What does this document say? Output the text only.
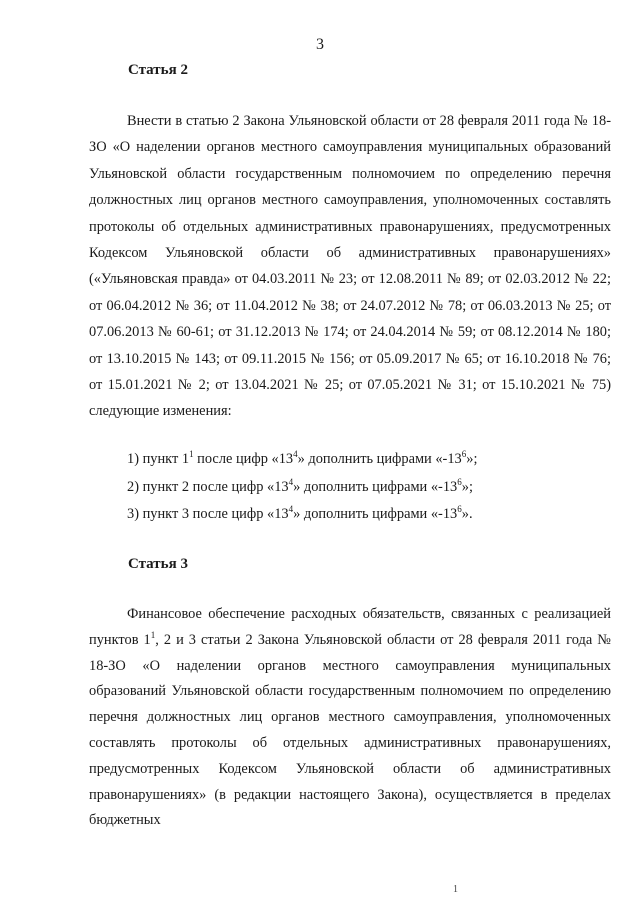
3
Статья 2
Внести в статью 2 Закона Ульяновской области от 28 февраля 2011 года № 18-ЗО «О наделении органов местного самоуправления муниципальных образований Ульяновской области государственным полномочием по определению перечня должностных лиц органов местного самоуправления, уполномоченных составлять протоколы об отдельных административных правонарушениях, предусмотренных Кодексом Ульяновской области об административных правонарушениях» («Ульяновская правда» от 04.03.2011 № 23; от 12.08.2011 № 89; от 02.03.2012 № 22; от 06.04.2012 № 36; от 11.04.2012 № 38; от 24.07.2012 № 78; от 06.03.2013 № 25; от 07.06.2013 № 60-61; от 31.12.2013 № 174; от 24.04.2014 № 59; от 08.12.2014 № 180; от 13.10.2015 № 143; от 09.11.2015 № 156; от 05.09.2017 № 65; от 16.10.2018 № 76; от 15.01.2021 № 2; от 13.04.2021 № 25; от 07.05.2021 № 31; от 15.10.2021 № 75) следующие изменения:
1) пункт $1^1$ после цифр «$13^4$» дополнить цифрами «$-13^6$»;
2) пункт 2 после цифр «$13^4$» дополнить цифрами «$-13^6$»;
3) пункт 3 после цифр «$13^4$» дополнить цифрами «$-13^6$».
Статья 3
Финансовое обеспечение расходных обязательств, связанных с реализацией пунктов $1^1$, 2 и 3 статьи 2 Закона Ульяновской области от 28 февраля 2011 года № 18-ЗО «О наделении органов местного самоуправления муниципальных образований Ульяновской области государственным полномочием по определению перечня должностных лиц органов местного самоуправления, уполномоченных составлять протоколы об отдельных административных правонарушениях, предусмотренных Кодексом Ульяновской области об административных правонарушениях» (в редакции настоящего Закона), осуществляется в пределах бюджетных
1
